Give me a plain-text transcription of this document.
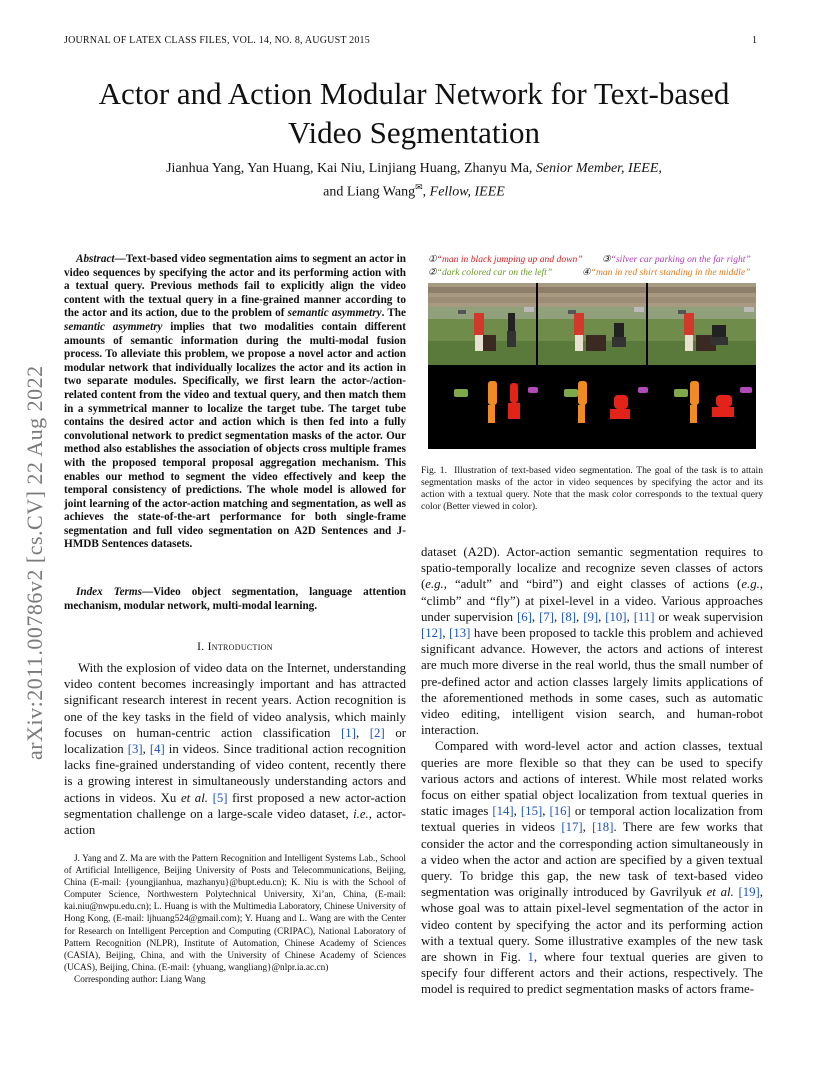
JOURNAL OF LATEX CLASS FILES, VOL. 14, NO. 8, AUGUST 2015	1
arXiv:2011.00786v2 [cs.CV] 22 Aug 2022
Actor and Action Modular Network for Text-based
Video Segmentation
Jianhua Yang, Yan Huang, Kai Niu, Linjiang Huang, Zhanyu Ma, Senior Member, IEEE,
and Liang Wang✉, Fellow, IEEE
Abstract—Text-based video segmentation aims to segment an actor in video sequences by specifying the actor and its performing action with a textual query. Previous methods fail to explicitly align the video content with the textual query in a fine-grained manner according to the actor and its action, due to the problem of semantic asymmetry. The semantic asymmetry implies that two modalities contain different amounts of semantic information during the multi-modal fusion process. To alleviate this problem, we propose a novel actor and action modular network that individually localizes the actor and its action in two separate modules. Specifically, we first learn the actor-/action-related content from the video and textual query, and then match them in a symmetrical manner to localize the target tube. The target tube contains the desired actor and action which is then fed into a fully convolutional network to predict segmentation masks of the actor. Our method also establishes the association of objects cross multiple frames with the proposed temporal proposal aggregation mechanism. This enables our method to segment the video effectively and keep the temporal consistency of predictions. The whole model is allowed for joint learning of the actor-action matching and segmentation, as well as achieves the state-of-the-art performance for both single-frame segmentation and full video segmentation on A2D Sentences and J-HMDB Sentences datasets.
Index Terms—Video object segmentation, language attention mechanism, modular network, multi-modal learning.
I. Introduction

With the explosion of video data on the Internet, understanding video content becomes increasingly important and has attracted significant research interest in recent years. Action recognition is one of the key tasks in the field of video analysis, which mainly focuses on human-centric action classification [1], [2] or localization [3], [4] in videos. Since traditional action recognition lacks fine-grained understanding of video content, recently there is a growing interest in simultaneously understanding actors and actions in videos. Xu et al. [5] first proposed a new actor-action segmentation challenge on a large-scale video dataset, i.e., actor-action

J. Yang and Z. Ma are with the Pattern Recognition and Intelligent Systems Lab., School of Artificial Intelligence, Beijing University of Posts and Telecommunications, Beijing, China (E-mail: {youngjianhua, mazhanyu}@bupt.edu.cn); K. Niu is with the School of Computer Science, Northwestern Polytechnical University, Xi’an, China, (E-mail: kai.niu@nwpu.edu.cn); L. Huang is with the Multimedia Laboratory, Chinese University of Hong Kong, (E-mail: ljhuang524@gmail.com); Y. Huang and L. Wang are with the Center for Research on Intelligent Perception and Computing (CRIPAC), National Laboratory of Pattern Recognition (NLPR), Institute of Automation, Chinese Academy of Sciences (CASIA), Beijing, China, and with the University of Chinese Academy of Sciences (UCAS), Beijing, China. (E-mail: {yhuang, wangliang}@nlpr.ia.ac.cn)

Corresponding author: Liang Wang

①“man in black jumping up and down” ③“silver car parking on the far right”
②“dark colored car on the left”	④“man in red shirt standing in the middle”
Fig. 1. Illustration of text-based video segmentation. The goal of the task is to attain segmentation masks of the actor in video sequences by specifying the actor and its action with a textual query. Note that the mask color corresponds to the textual query color (Better viewed in color).

dataset (A2D). Actor-action semantic segmentation requires to spatio-temporally localize and recognize seven classes of actors (e.g., “adult” and “bird”) and eight classes of actions (e.g., “climb” and “fly”) at pixel-level in a video. Various approaches under supervision [6], [7], [8], [9], [10], [11] or weak supervision [12], [13] have been proposed to tackle this problem and achieved significant advance. However, the actors and actions of interest are much more diverse in the real world, thus the small number of pre-defined actor and action classes largely limits applications of the aforementioned methods in some cases, such as automatic video editing, intelligent vision search, and human-robot interaction.

Compared with word-level actor and action classes, textual queries are more flexible so that they can be used to specify various actors and actions of interest. While most related works focus on either spatial object localization from textual queries in static images [14], [15], [16] or temporal action localization from textual queries in videos [17], [18]. There are few works that consider the actor and the corresponding action simultaneously in a video when the actor and action are specified by a given textual query. To bridge this gap, the new task of text-based video segmentation was originally introduced by Gavrilyuk et al. [19], whose goal was to attain pixel-level segmentation of the actor in video content by specifying the actor and its performing action with a textual query. Some illustrative examples of the new task are shown in Fig. 1, where four textual queries are given to specify four different actors and their actions, respectively. The model is required to predict segmentation masks of actors frame-
